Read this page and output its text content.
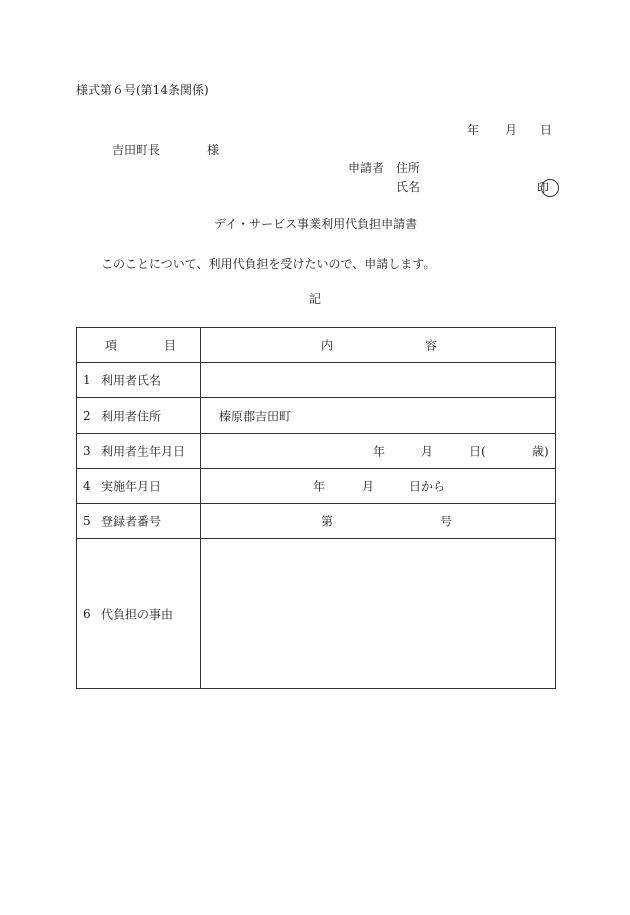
様式第６号(第14条関係)
年 月 日
吉田町長	様
申請者 住所
氏名	印
デイ・サービス事業利用代負担申請書
このことについて、利用代負担を受けたいので、申請します。
記
項 目	内 容

1 利用者氏名	

2 利用者住所	榛原郡吉田町

3 利用者生年月日	年 月 日( 歳)

4 実施年月日	年 月 日から

5 登録者番号	第 号

6 代負担の事由	
